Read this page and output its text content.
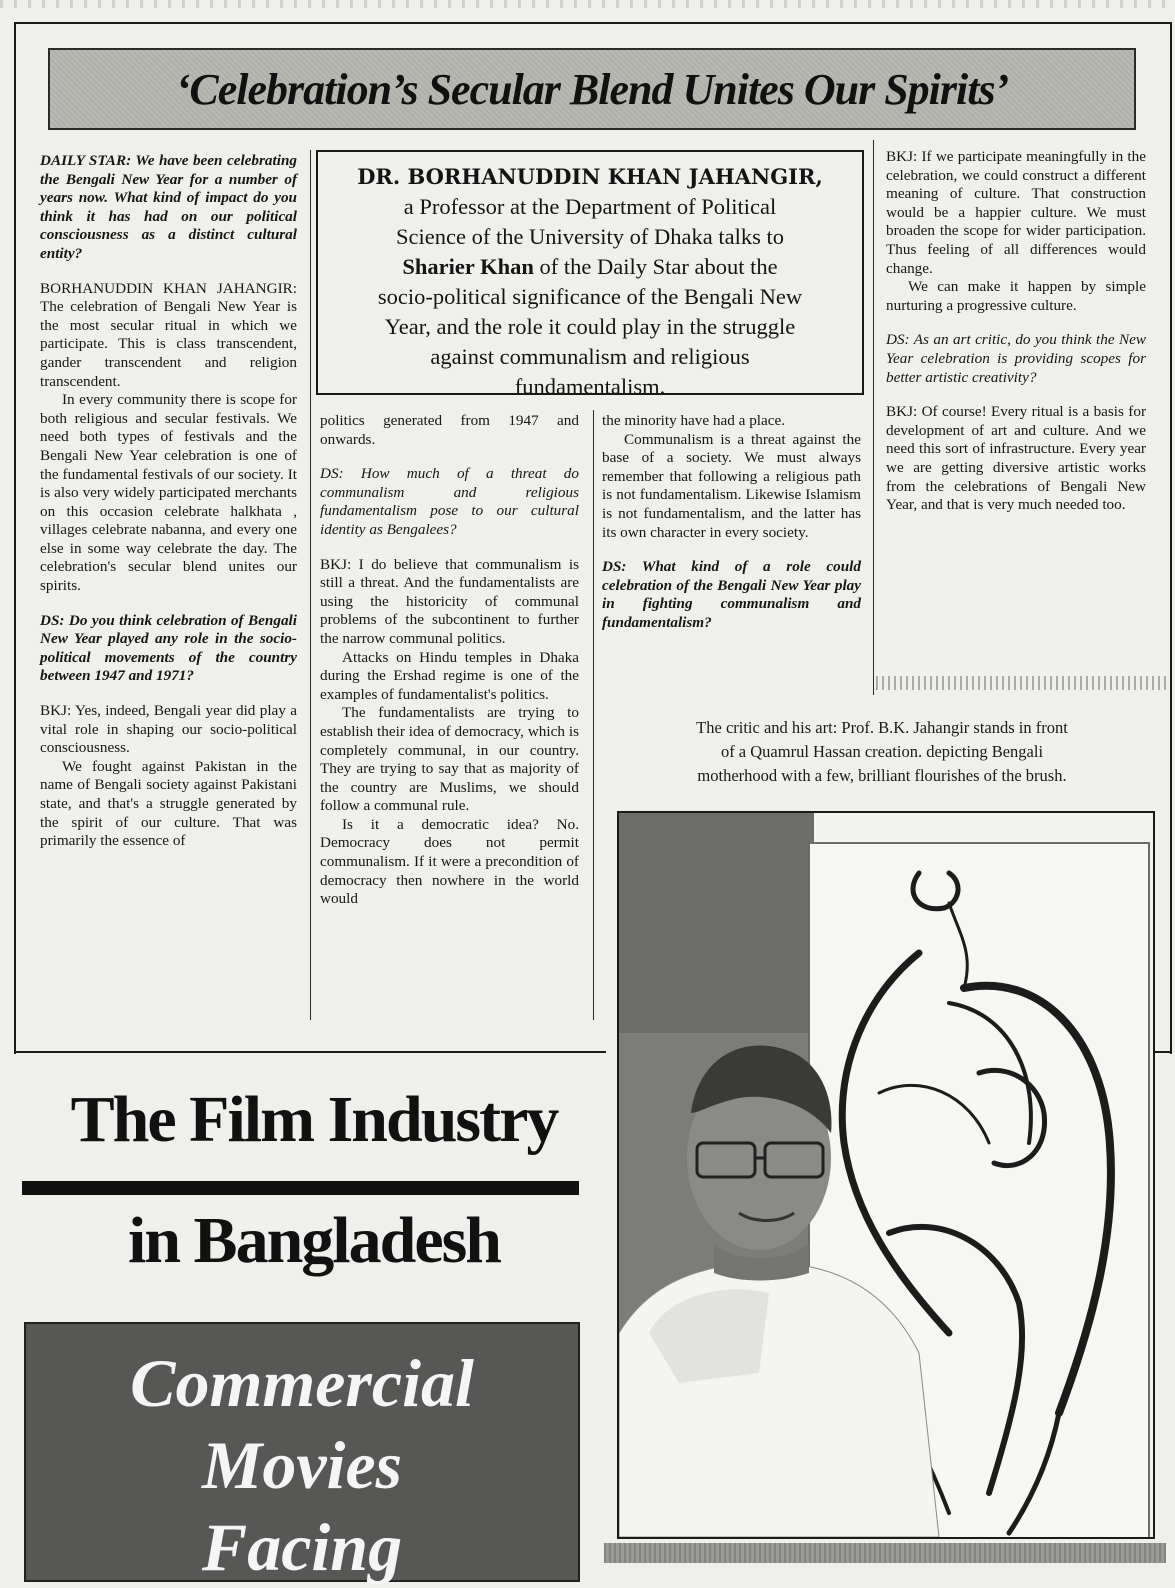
‘Celebration’s Secular Blend Unites Our Spirits’

DAILY STAR: We have been celebrating the Bengali New Year for a number of years now. What kind of impact do you think it has had on our political consciousness as a distinct cultural entity?

BORHANUDDIN KHAN JAHANGIR: The celebration of Bengali New Year is the most secular ritual in which we participate. This is class transcendent, gander transcendent and religion transcendent.

In every community there is scope for both religious and secular festivals. We need both types of festivals and the Bengali New Year celebration is one of the fundamental festivals of our society. It is also very widely participated merchants on this occasion celebrate halkhata , villages celebrate nabanna, and every one else in some way celebrate the day. The celebration's secular blend unites our spirits.

DS: Do you think celebration of Bengali New Year played any role in the socio-political movements of the country between 1947 and 1971?

BKJ: Yes, indeed, Bengali year did play a vital role in shaping our socio-political consciousness.

We fought against Pakistan in the name of Bengali society against Pakistani state, and that's a struggle generated by the spirit of our culture. That was primarily the essence of

DR. BORHANUDDIN KHAN JAHANGIR,
a Professor at the Department of Political
Science of the University of Dhaka talks to
Sharier Khan of the Daily Star about the
socio-political significance of the Bengali New
Year, and the role it could play in the struggle
against communalism and religious
fundamentalism.

politics generated from 1947 and onwards.

DS: How much of a threat do communalism and religious fundamentalism pose to our cultural identity as Bengalees?

BKJ: I do believe that communalism is still a threat. And the fundamentalists are using the historicity of communal problems of the subcontinent to further the narrow communal politics.

Attacks on Hindu temples in Dhaka during the Ershad regime is one of the examples of fundamentalist's politics.

The fundamentalists are trying to establish their idea of democracy, which is completely communal, in our country. They are trying to say that as majority of the country are Muslims, we should follow a communal rule.

Is it a democratic idea? No. Democracy does not permit communalism. If it were a precondition of democracy then nowhere in the world would

the minority have had a place.

Communalism is a threat against the base of a society. We must always remember that following a religious path is not fundamentalism. Likewise Islamism is not fundamentalism, and the latter has its own character in every society.

DS: What kind of a role could celebration of the Bengali New Year play in fighting communalism and fundamentalism?

BKJ: If we participate meaningfully in the celebration, we could construct a different meaning of culture. That construction would be a happier culture. We must broaden the scope for wider participation. Thus feeling of all differences would change.

We can make it happen by simple nurturing a progressive culture.

DS: As an art critic, do you think the New Year celebration is providing scopes for better artistic creativity?

BKJ: Of course! Every ritual is a basis for development of art and culture. And we need this sort of infrastructure. Every year we are getting diversive artistic works from the celebrations of Bengali New Year, and that is very much needed too.

The critic and his art: Prof. B.K. Jahangir stands in front
of a Quamrul Hassan creation. depicting Bengali
motherhood with a few, brilliant flourishes of the brush.
The Film Industry
in Bangladesh
Commercial
Movies
Facing
